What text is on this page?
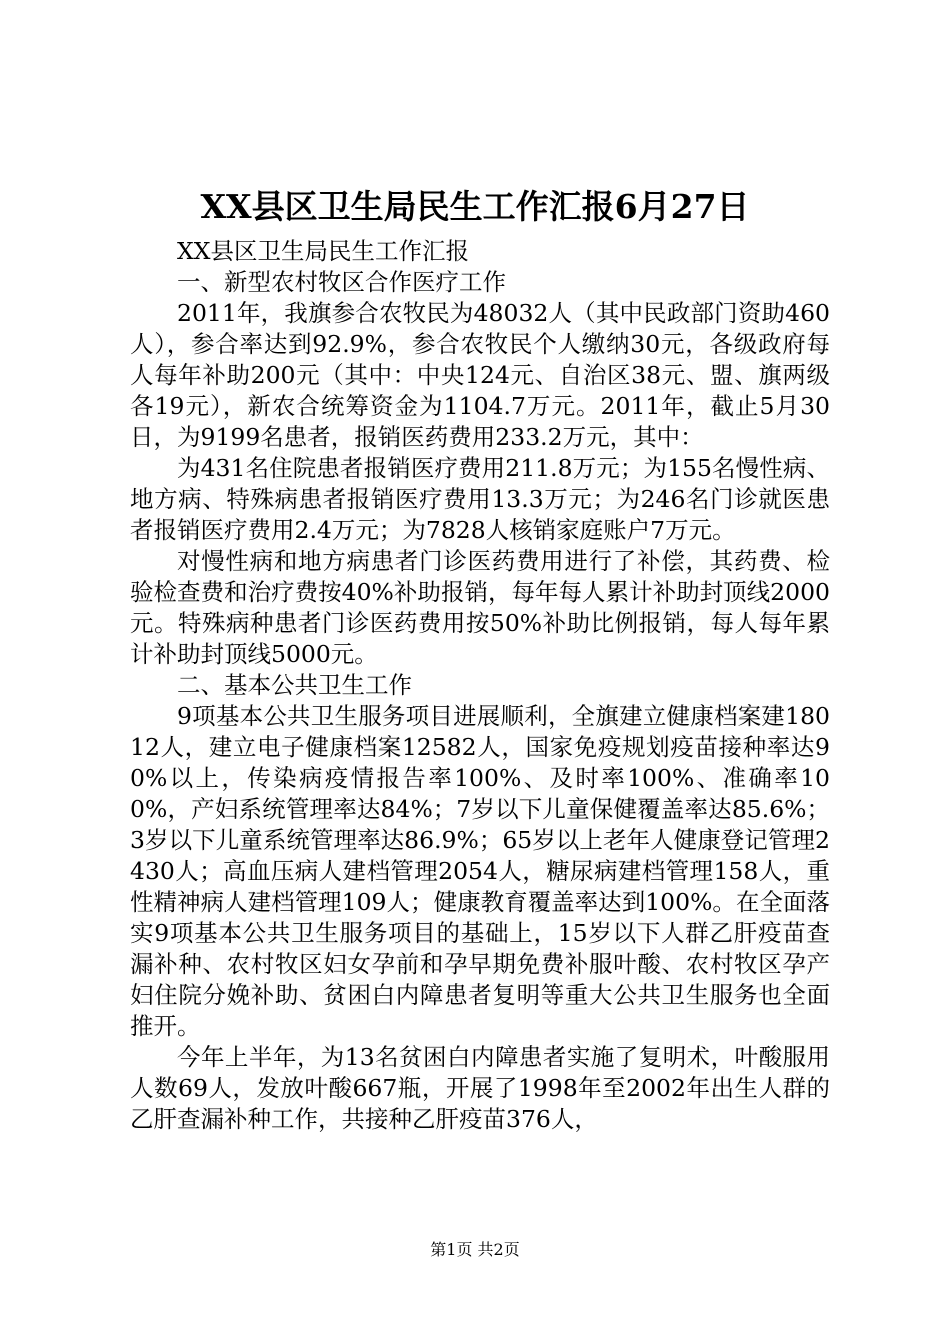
XX县区卫生局民生工作汇报6月27日

XX县区卫生局民生工作汇报

一、新型农村牧区合作医疗工作

2011年，我旗参合农牧民为48032人（其中民政部门资助460人），参合率达到92.9%，参合农牧民个人缴纳30元，各级政府每人每年补助200元（其中：中央124元、自治区38元、盟、旗两级各19元），新农合统筹资金为1104.7万元。2011年，截止5月30日，为9199名患者，报销医药费用233.2万元，其中：

为431名住院患者报销医疗费用211.8万元；为155名慢性病、地方病、特殊病患者报销医疗费用13.3万元；为246名门诊就医患者报销医疗费用2.4万元；为7828人核销家庭账户7万元。

对慢性病和地方病患者门诊医药费用进行了补偿，其药费、检验检查费和治疗费按40%补助报销，每年每人累计补助封顶线2000元。特殊病种患者门诊医药费用按50%补助比例报销，每人每年累计补助封顶线5000元。

二、基本公共卫生工作

9项基本公共卫生服务项目进展顺利，全旗建立健康档案建18012人，建立电子健康档案12582人，国家免疫规划疫苗接种率达90%以上，传染病疫情报告率100%、及时率100%、准确率100%，产妇系统管理率达84%；7岁以下儿童保健覆盖率达85.6%；3岁以下儿童系统管理率达86.9%；65岁以上老年人健康登记管理2430人；高血压病人建档管理2054人，糖尿病建档管理158人，重性精神病人建档管理109人；健康教育覆盖率达到100%。在全面落实9项基本公共卫生服务项目的基础上，15岁以下人群乙肝疫苗查漏补种、农村牧区妇女孕前和孕早期免费补服叶酸、农村牧区孕产妇住院分娩补助、贫困白内障患者复明等重大公共卫生服务也全面推开。

今年上半年，为13名贫困白内障患者实施了复明术，叶酸服用人数69人，发放叶酸667瓶，开展了1998年至2002年出生人群的乙肝查漏补种工作，共接种乙肝疫苗376人，

第1页 共2页
